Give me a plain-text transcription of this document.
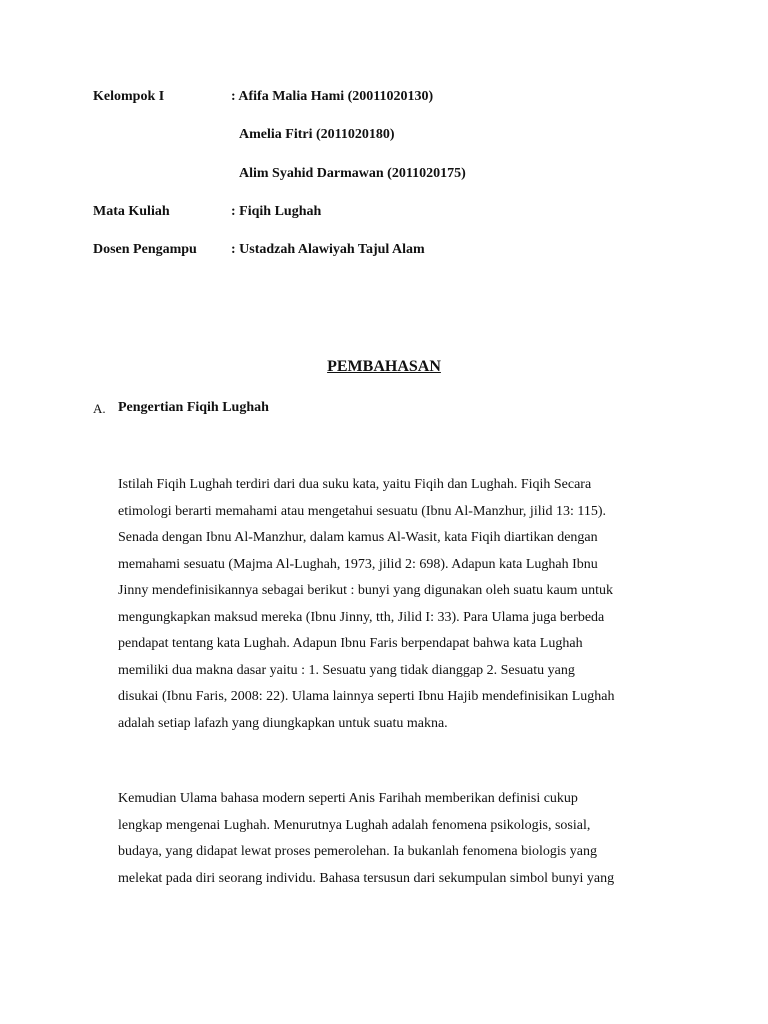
Kelompok I	: Afifa Malia Hami (20011020130)
Amelia Fitri (2011020180)
Alim Syahid Darmawan (2011020175)
Mata Kuliah	: Fiqih Lughah
Dosen Pengampu : Ustadzah Alawiyah Tajul Alam
PEMBAHASAN
A. Pengertian Fiqih Lughah

Istilah Fiqih Lughah terdiri dari dua suku kata, yaitu Fiqih dan Lughah. Fiqih Secara
etimologi berarti memahami atau mengetahui sesuatu (Ibnu Al-Manzhur, jilid 13: 115).
Senada dengan Ibnu Al-Manzhur, dalam kamus Al-Wasit, kata Fiqih diartikan dengan
memahami sesuatu (Majma Al-Lughah, 1973, jilid 2: 698). Adapun kata Lughah Ibnu
Jinny mendefinisikannya sebagai berikut : bunyi yang digunakan oleh suatu kaum untuk
mengungkapkan maksud mereka (Ibnu Jinny, tth, Jilid I: 33). Para Ulama juga berbeda
pendapat tentang kata Lughah. Adapun Ibnu Faris berpendapat bahwa kata Lughah
memiliki dua makna dasar yaitu : 1. Sesuatu yang tidak dianggap 2. Sesuatu yang
disukai (Ibnu Faris, 2008: 22). Ulama lainnya seperti Ibnu Hajib mendefinisikan Lughah
adalah setiap lafazh yang diungkapkan untuk suatu makna.

Kemudian Ulama bahasa modern seperti Anis Farihah memberikan definisi cukup
lengkap mengenai Lughah. Menurutnya Lughah adalah fenomena psikologis, sosial,
budaya, yang didapat lewat proses pemerolehan. Ia bukanlah fenomena biologis yang
melekat pada diri seorang individu. Bahasa tersusun dari sekumpulan simbol bunyi yang
